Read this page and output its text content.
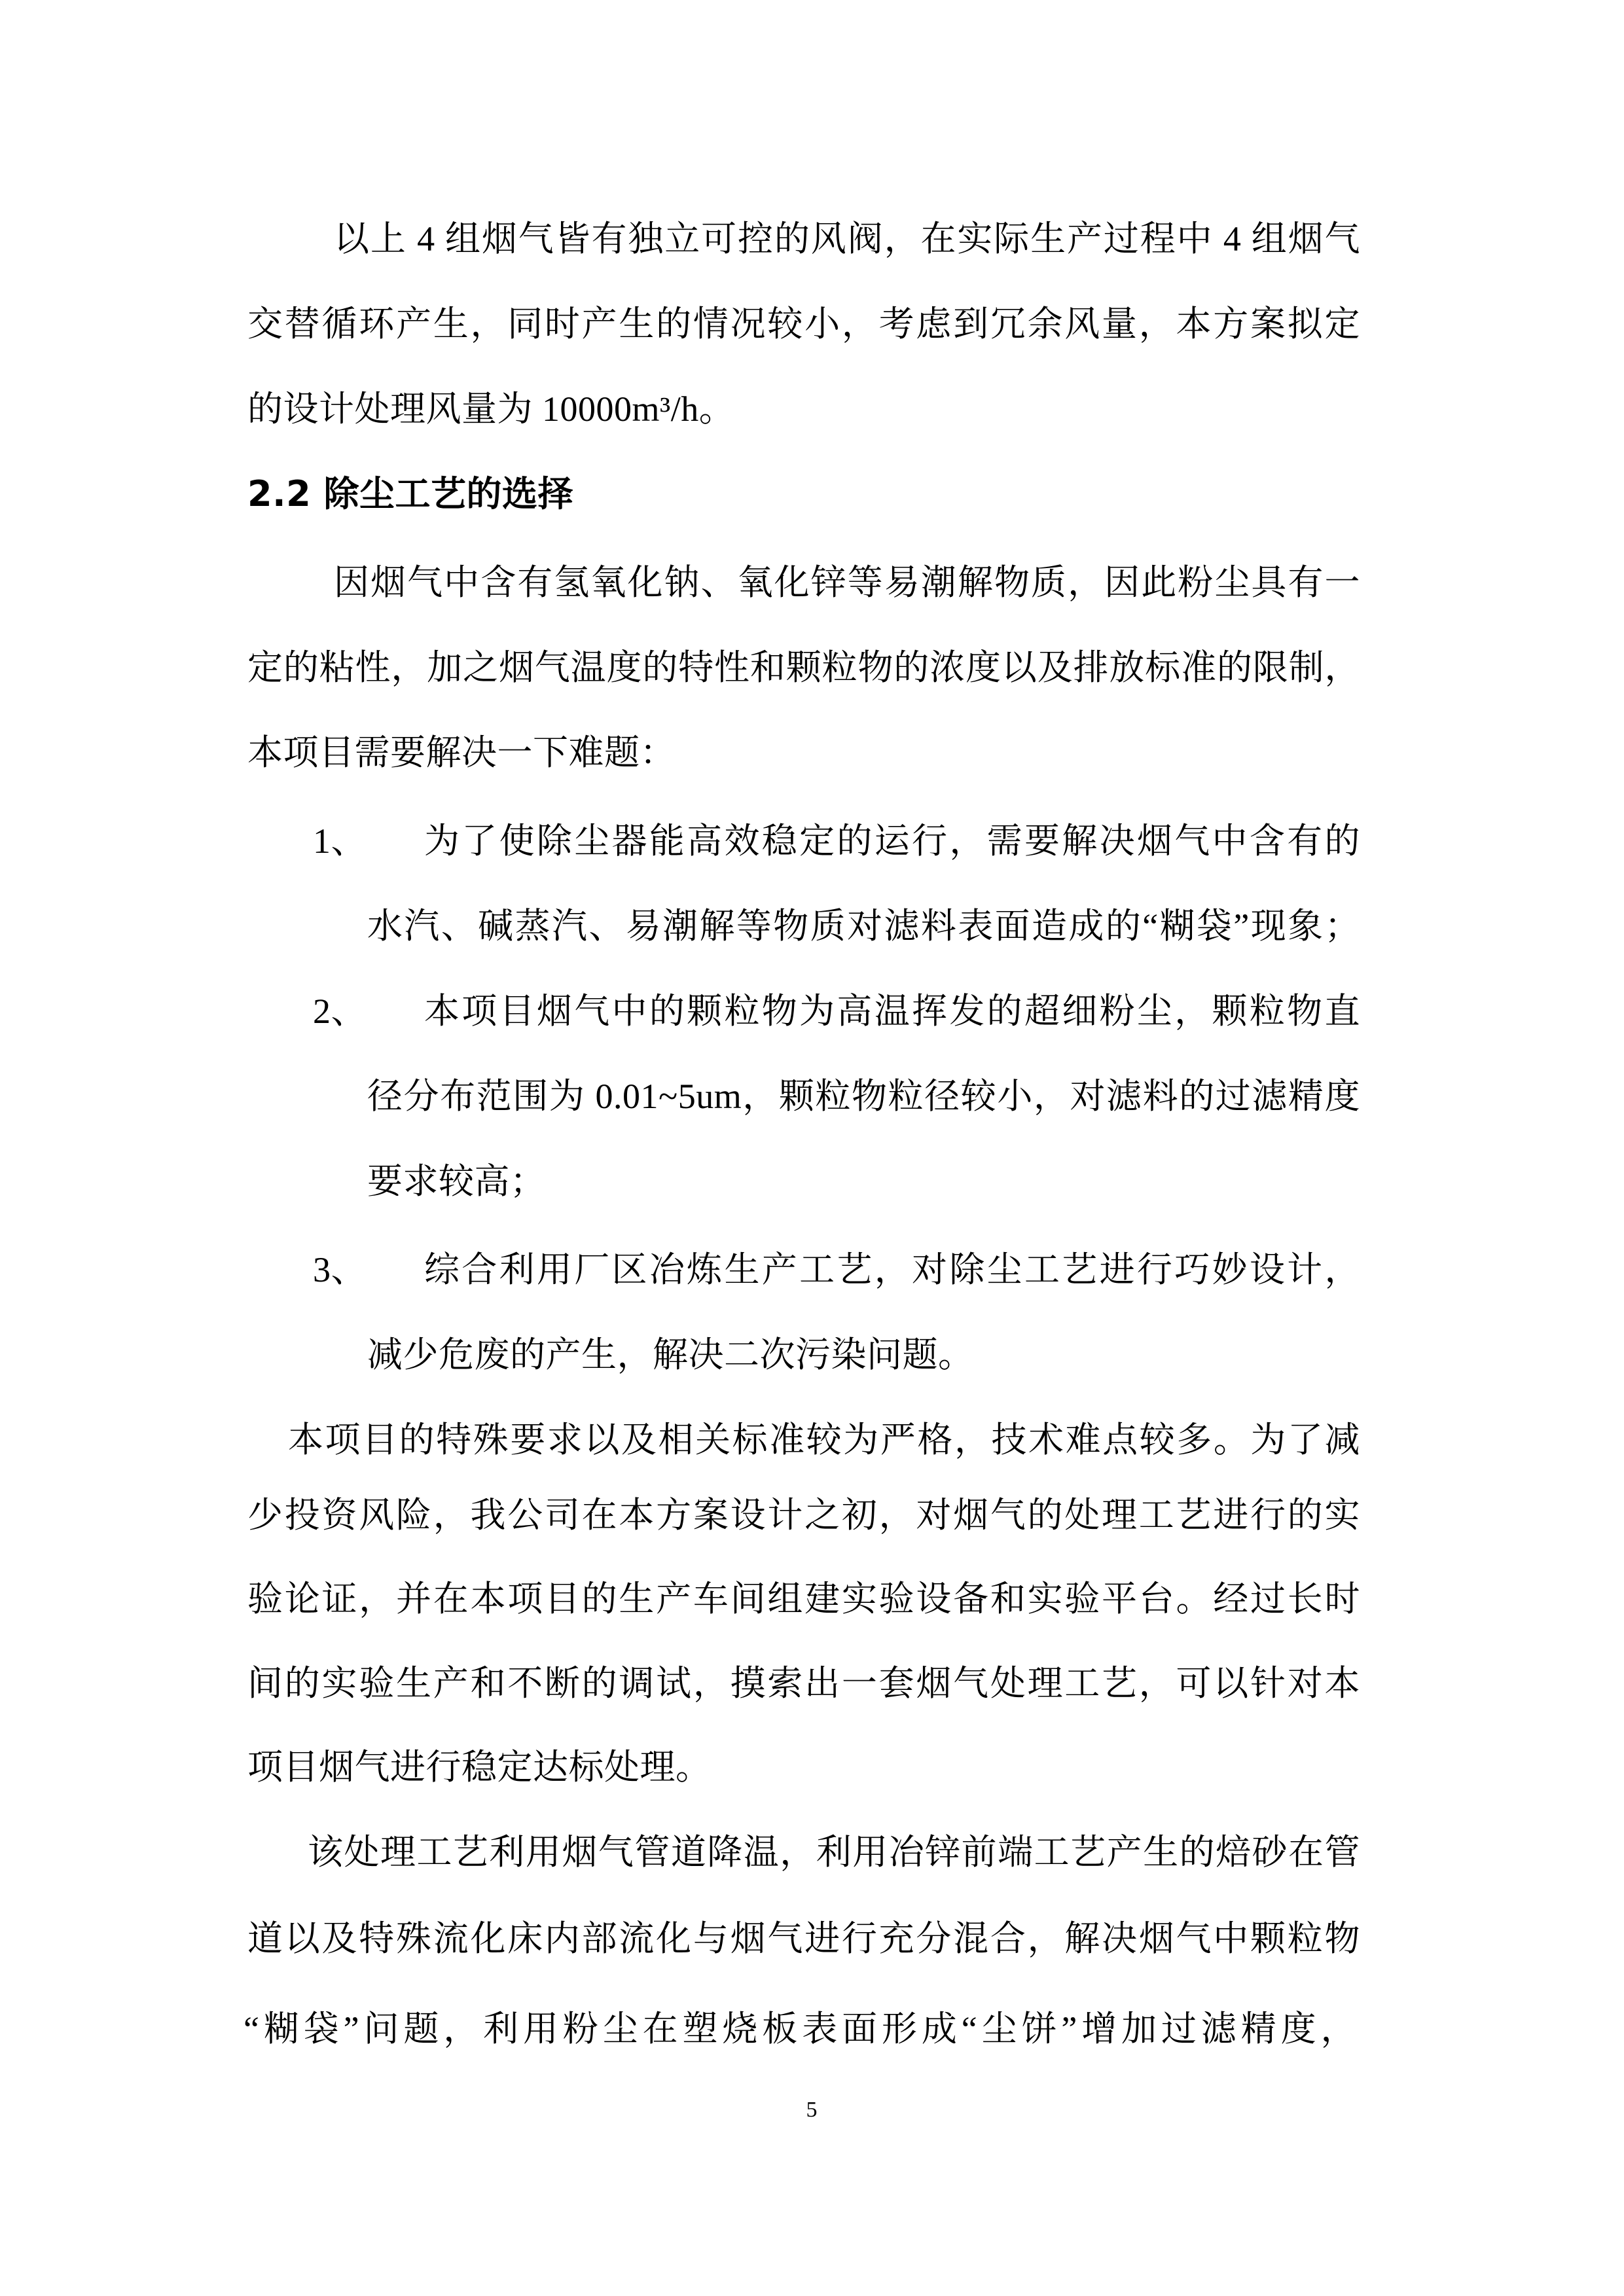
以上 4 组烟气皆有独立可控的风阀，在实际生产过程中 4 组烟气
交替循环产生，同时产生的情况较小，考虑到冗余风量，本方案拟定
的设计处理风量为 10000m³/h。
2.2 除尘工艺的选择
因烟气中含有氢氧化钠、氧化锌等易潮解物质，因此粉尘具有一
定的粘性，加之烟气温度的特性和颗粒物的浓度以及排放标准的限制，
本项目需要解决一下难题：
1、 为了使除尘器能高效稳定的运行，需要解决烟气中含有的
水汽、碱蒸汽、易潮解等物质对滤料表面造成的“糊袋”现象；
2、 本项目烟气中的颗粒物为高温挥发的超细粉尘，颗粒物直
径分布范围为 0.01~5um，颗粒物粒径较小，对滤料的过滤精度
要求较高；
3、 综合利用厂区冶炼生产工艺，对除尘工艺进行巧妙设计，
减少危废的产生，解决二次污染问题。
本项目的特殊要求以及相关标准较为严格，技术难点较多。为了减
少投资风险，我公司在本方案设计之初，对烟气的处理工艺进行的实
验论证，并在本项目的生产车间组建实验设备和实验平台。经过长时
间的实验生产和不断的调试，摸索出一套烟气处理工艺，可以针对本
项目烟气进行稳定达标处理。
该处理工艺利用烟气管道降温，利用冶锌前端工艺产生的焙砂在管
道以及特殊流化床内部流化与烟气进行充分混合，解决烟气中颗粒物
“糊袋”问题，利用粉尘在塑烧板表面形成“尘饼”增加过滤精度，
5
